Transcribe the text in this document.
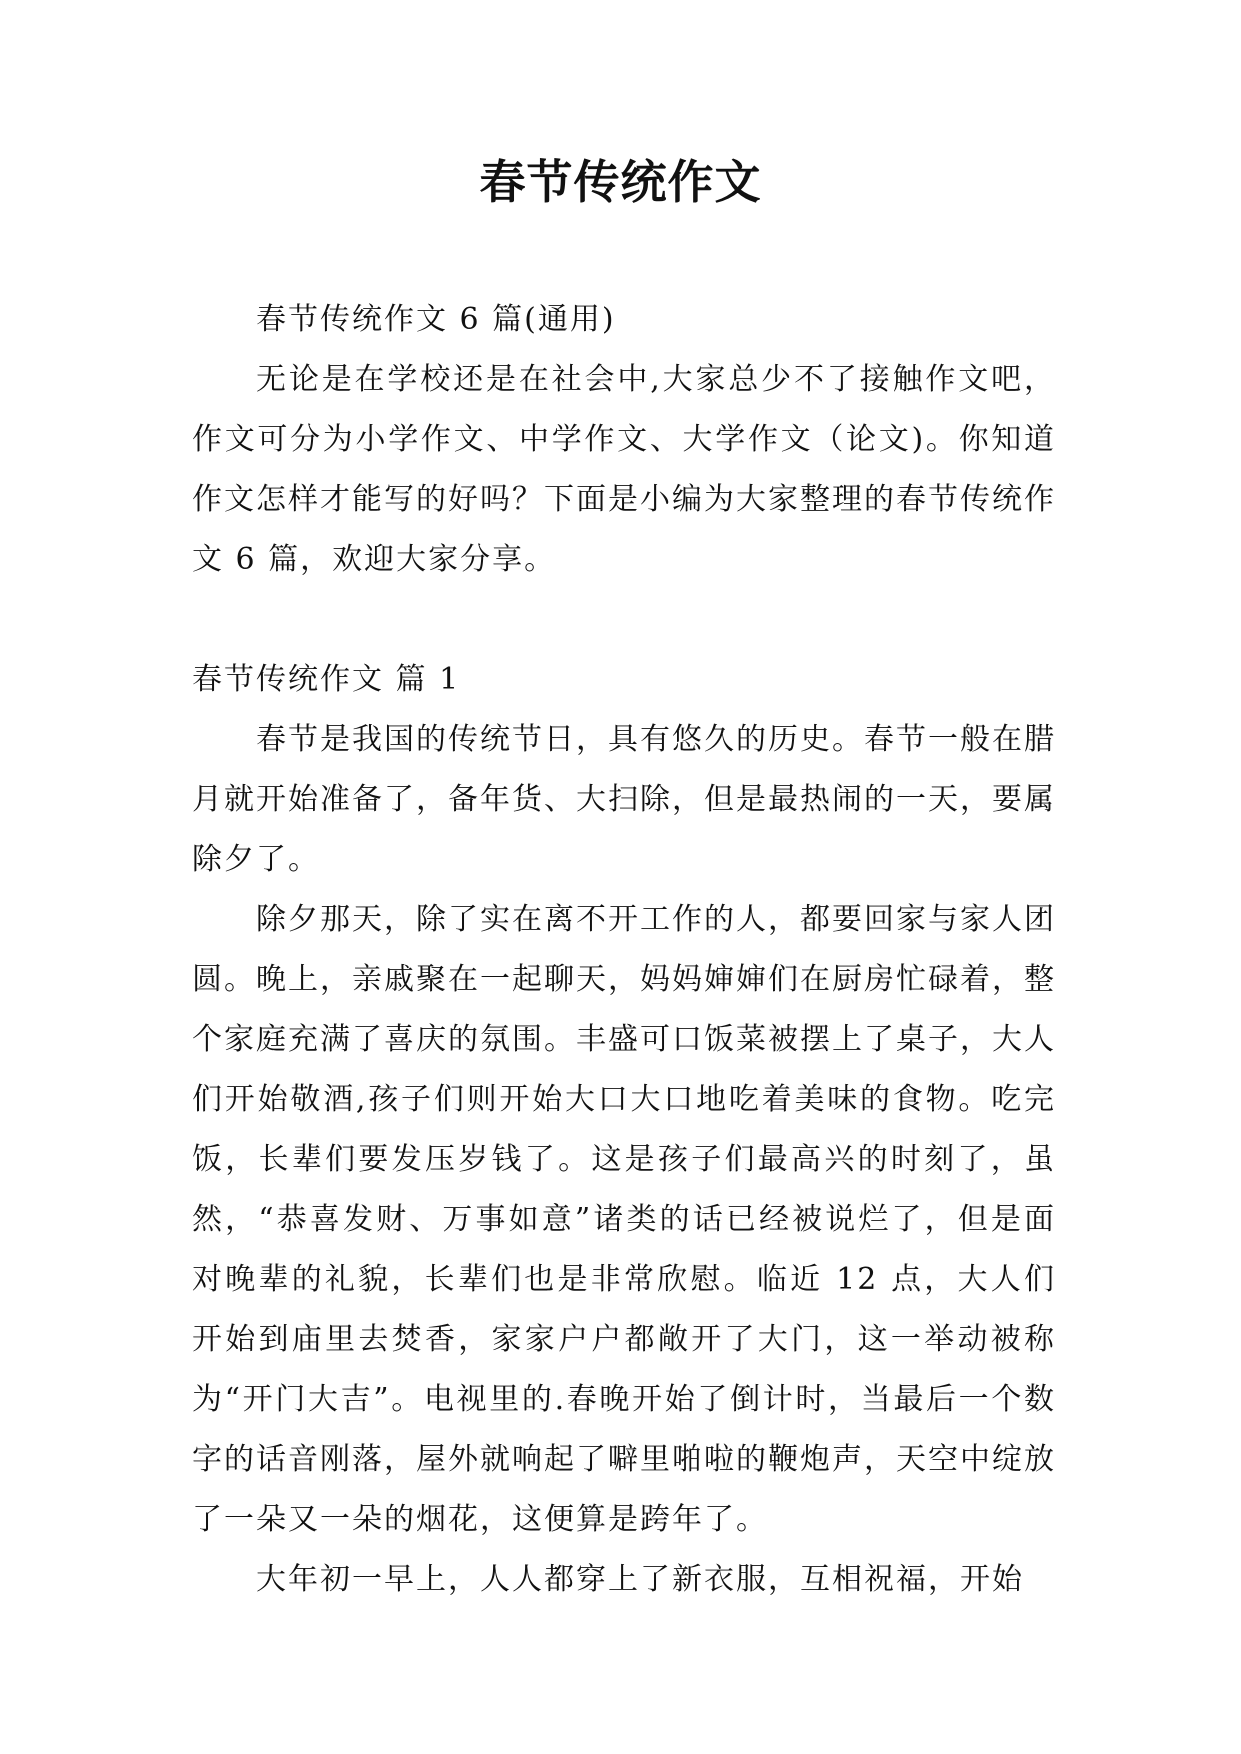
春节传统作文

春节传统作文 6 篇(通用)

无论是在学校还是在社会中,大家总少不了接触作文吧，作文可分为小学作文、中学作文、大学作文（论文)。你知道作文怎样才能写的好吗？下面是小编为大家整理的春节传统作文 6 篇，欢迎大家分享。

春节传统作文 篇 1

春节是我国的传统节日，具有悠久的历史。春节一般在腊月就开始准备了，备年货、大扫除，但是最热闹的一天，要属除夕了。

除夕那天，除了实在离不开工作的人，都要回家与家人团圆。晚上，亲戚聚在一起聊天，妈妈婶婶们在厨房忙碌着，整个家庭充满了喜庆的氛围。丰盛可口饭菜被摆上了桌子，大人们开始敬酒,孩子们则开始大口大口地吃着美味的食物。吃完饭，长辈们要发压岁钱了。这是孩子们最高兴的时刻了，虽然，“恭喜发财、万事如意”诸类的话已经被说烂了，但是面对晚辈的礼貌，长辈们也是非常欣慰。临近 12 点，大人们开始到庙里去焚香，家家户户都敞开了大门，这一举动被称为“开门大吉”。电视里的.春晚开始了倒计时，当最后一个数字的话音刚落，屋外就响起了噼里啪啦的鞭炮声，天空中绽放了一朵又一朵的烟花，这便算是跨年了。

大年初一早上，人人都穿上了新衣服，互相祝福，开始
